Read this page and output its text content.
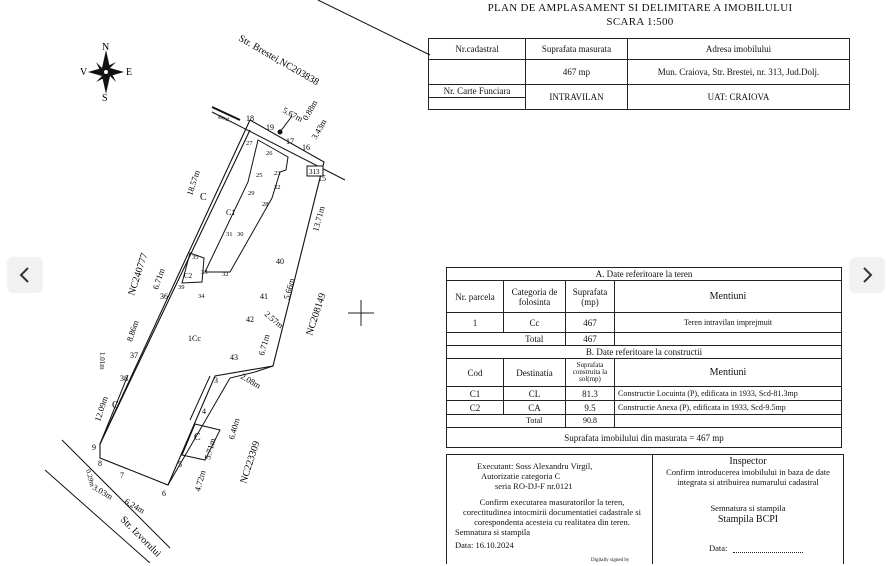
PLAN DE AMPLASAMENT SI DELIMITARE A IMOBILULUI
SCARA 1:500
Nr.cadastral	Suprafata masurata	Adresa imobilului
	467 mp	Mun. Craiova, Str. Brestei, nr. 313, Jud.Dolj.

Nr. Carte Funciara	INTRAVILAN	UAT: CRAIOVA
A. Date referitoare la teren			
Nr. parcela	Categoria de folosinta	Suprafata (mp)	Mentiuni
1	Cc	467	Teren intravilan imprejmuit
	Total	467	
B. Date referitoare la constructii			
Cod	Destinatia	Suprafata construita la sol(mp)	Mentiuni
C1	CL	81.3	Constructie Locuinta (P), edificata in 1933, Scd-81.3mp
C2	CA	9.5	Constructie Anexa (P), edificata in 1933, Scd-9.5mp
	Total	90.8	
Suprafata imobilului din masurata = 467 mp			
Executant: Soss Alexandru Virgil,
Autorizatie categoria C
seria RO-DJ-F nr.0121
Confirm executarea masuratorilor la teren, corectitudinea intocmirii documentatiei cadastrale si corespondenta acesteia cu realitatea din teren.
Semnatura si stampila
Data: 16.10.2024
Digitally signed by
Inspector
Confirm introducerea imobilului in baza de date integrata si atribuirea numarului cadastral
Semnatura si stampila
Stampila BCPI
Data:
N
S
E
V
313
Str. Brestei,NC203838
Str. Izvorului
NC240777
NC208149
NC223309
C1
C2
1Cc
C
C
C
gard	5.67m
0.88m
3.43m
18.57m
13.71m
6.71m	5.66m
8.86m	2.57m
6.71m
1.01m
2.08m
12.09m
6.40m
5.71m
4.72m
0.29m
3.03m
6.24m
18
19
17
16
27
26
25 23
22
29
28
15
31 30
35
33 32
39
34
36
40
41
42
43
37
38	3
4
5
6
7
8
9
